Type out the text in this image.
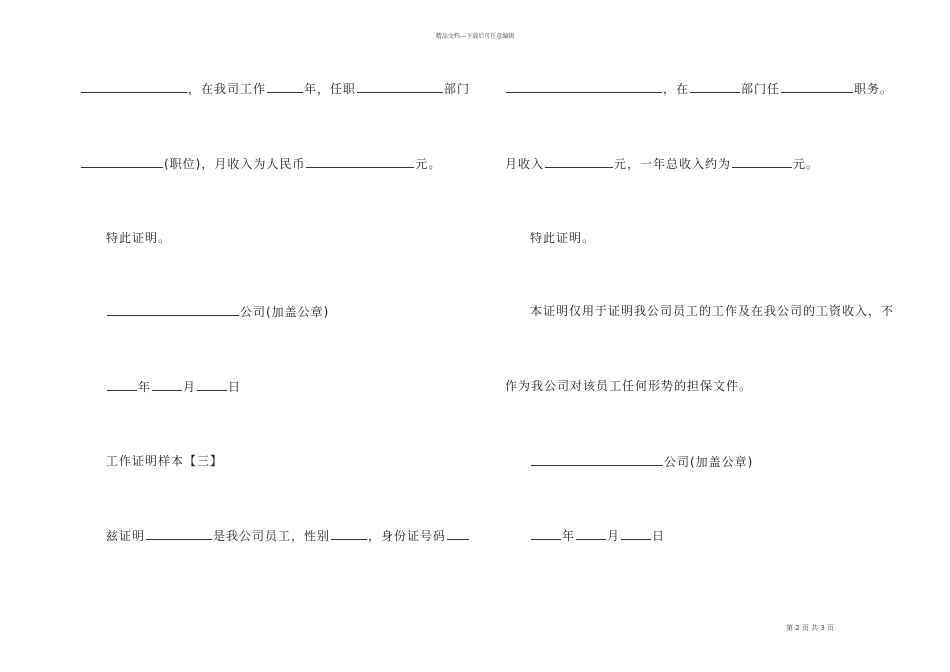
精品文档---下载后可任意编辑
，在我司工作	年，任职	部门
(职位)，月收入为人民币	元。
特此证明。
公司(加盖公章)
年	月	日
工作证明样本【三】
兹证明	是我公司员工，性别	，身份证号码
，在	部门任	职务。
月收入	元，一年总收入约为	元。
特此证明。
本证明仅用于证明我公司员工的工作及在我公司的工资收入，不
作为我公司对该员工任何形势的担保文件。
公司(加盖公章)
年	月	日
第 2 页 共 3 页
